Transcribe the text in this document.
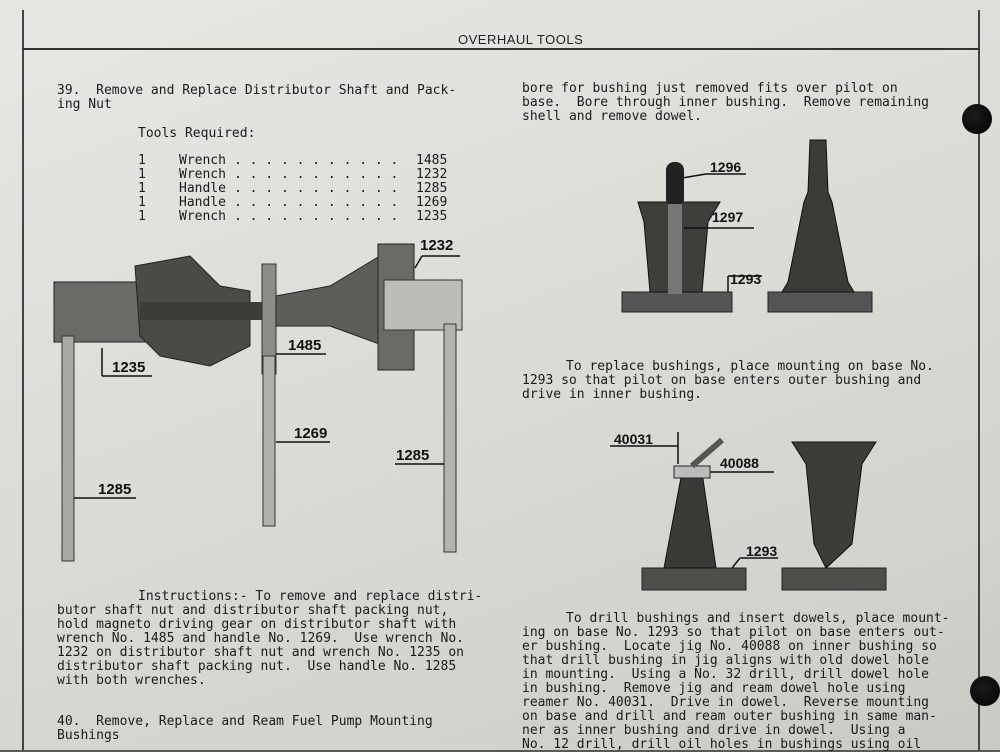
OVERHAUL TOOLS
39.  Remove and Replace Distributor Shaft and Pack-
ing Nut
Tools Required:
1	Wrench . . . . . . . . . . . 1485
1	Wrench . . . . . . . . . . . 1232
1	Handle . . . . . . . . . . . 1285
1	Handle . . . . . . . . . . . 1269
1	Wrench . . . . . . . . . . . 1235
1232
1235
1485
1269
1285
1285
Instructions:- To remove and replace distri-
butor shaft nut and distributor shaft packing nut,
hold magneto driving gear on distributor shaft with
wrench No. 1485 and handle No. 1269.  Use wrench No.
1232 on distributor shaft nut and wrench No. 1235 on
distributor shaft packing nut.  Use handle No. 1285
with both wrenches.
40.  Remove, Replace and Ream Fuel Pump Mounting
Bushings
bore for bushing just removed fits over pilot on
base.  Bore through inner bushing.  Remove remaining
shell and remove dowel.
1296
1297
1293
To replace bushings, place mounting on base No.
1293 so that pilot on base enters outer bushing and
drive in inner bushing.
40031
40088
1293
To drill bushings and insert dowels, place mount-
ing on base No. 1293 so that pilot on base enters out-
er bushing.  Locate jig No. 40088 on inner bushing so
that drill bushing in jig aligns with old dowel hole
in mounting.  Using a No. 32 drill, drill dowel hole
in bushing.  Remove jig and ream dowel hole using
reamer No. 40031.  Drive in dowel.  Reverse mounting
on base and drill and ream outer bushing in same man-
ner as inner bushing and drive in dowel.  Using a
No. 12 drill, drill oil holes in bushings using oil
